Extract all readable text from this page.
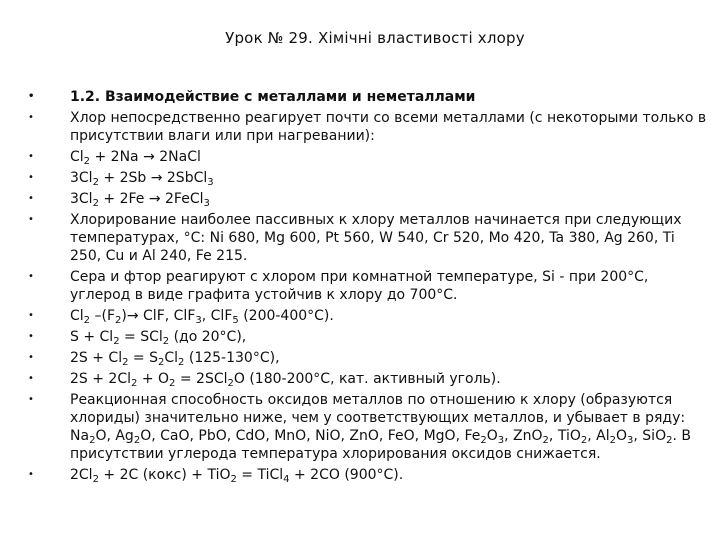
Урок № 29. Хімічні властивості хлору
• 1.2. Взаимодействие с металлами и неметаллами
• Хлор непосредственно реагирует почти со всеми металлами (с некоторыми только в присутствии влаги или при нагревании):
• $Cl_2 + 2Na$ → 2NaCl
• $3Cl_2 + 2Sb$ → 2SbCl$_3$
• $3Cl_2 + 2Fe$ → 2FeCl$_3$
• Хлорирование наиболее пассивных к хлору металлов начинается при следующих температурах, °C: Ni 680, Mg 600, Pt 560, W 540, Cr 520, Mo 420, Ta 380, Ag 260, Ti 250, Cu и Al 240, Fe 215.
• Сера и фтор реагируют с хлором при комнатной температуре, Si - при 200°C, углерод в виде графита устойчив к хлору до 700°C.
• $Cl_2$ $-(F_2)\to$ ClF, ClF$_3$, ClF$_5$ (200-400°C).
• $S + Cl_2 = SCl_2$ (до 20°C),
• $2S + Cl_2 = S_2Cl_2$ (125-130°C),
• $2S + 2Cl_2 + O_2 = 2SCl_2O$ (180-200°C, кат. активный уголь).
• Реакционная способность оксидов металлов по отношению к хлору (образуются хлориды) значительно ниже, чем у соответствующих металлов, и убывает в ряду: $Na_2O$, $Ag_2O$, CaO, PbO, CdO, MnO, NiO, ZnO, FeO, MgO, $Fe_2O_3$, ZnO$_2$, TiO$_2$, $Al_2O_3$, SiO$_2$. В присутствии углерода температура хлорирования оксидов снижается.
• $2Cl_2 + 2C$ (кокс) + TiO$_2$ = TiCl$_4$ + 2CO (900°C).
